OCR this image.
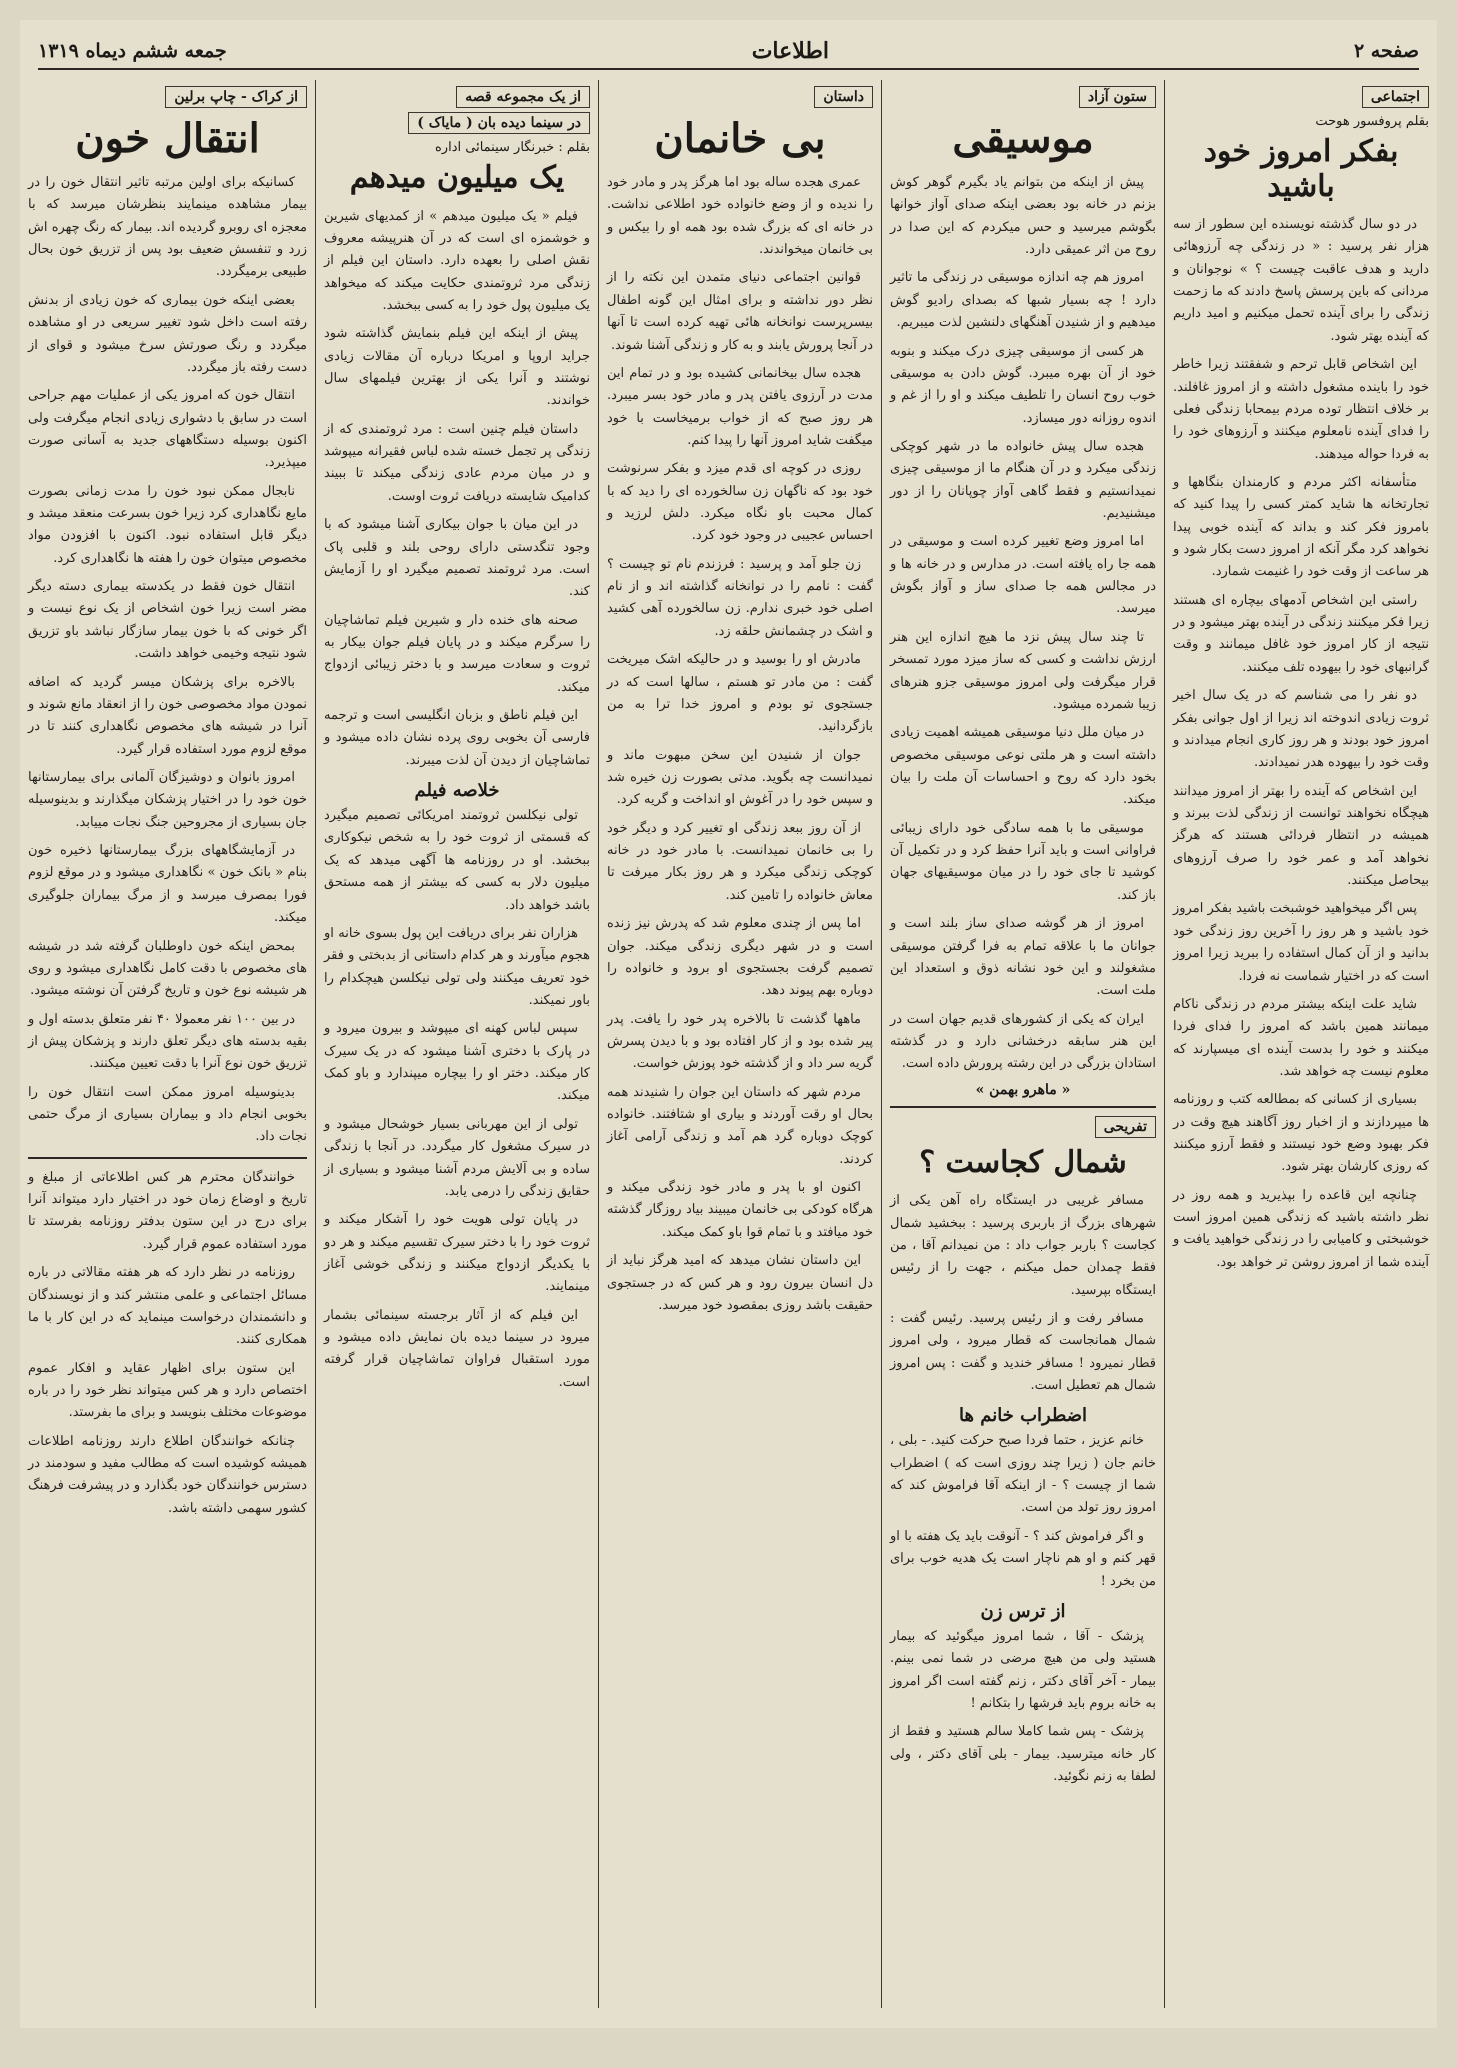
صفحه ۲
اطلاعات
جمعه ششم دیماه ۱۳۱۹
اجتماعی
بقلم پروفسور هوحت
بفکر امروز خود باشید

در دو سال گذشته نویسنده این سطور از سه هزار نفر پرسید : « در زندگی چه آرزوهائی دارید و هدف عاقبت چیست ؟ » نوجوانان و مردانی که باین پرسش پاسخ دادند که ما زحمت زندگی را برای آینده تحمل میکنیم و امید داریم که آینده بهتر شود.

این اشخاص قابل ترحم و شفقتند زیرا خاطر خود را باینده مشغول داشته و از امروز غافلند. بر خلاف انتظار توده مردم بیمحابا زندگی فعلی را فدای آینده نامعلوم میکنند و آرزوهای خود را به فردا حواله میدهند.

متأسفانه اکثر مردم و کارمندان بنگاهها و تجارتخانه ها شاید کمتر کسی را پیدا کنید که بامروز فکر کند و بداند که آینده خوبی پیدا نخواهد کرد مگر آنکه از امروز دست بکار شود و هر ساعت از وقت خود را غنیمت شمارد.

راستی این اشخاص آدمهای بیچاره ای هستند زیرا فکر میکنند زندگی در آینده بهتر میشود و در نتیجه از کار امروز خود غافل میمانند و وقت گرانبهای خود را بیهوده تلف میکنند.

دو نفر را می شناسم که در یک سال اخیر ثروت زیادی اندوخته اند زیرا از اول جوانی بفکر امروز خود بودند و هر روز کاری انجام میدادند و وقت خود را بیهوده هدر نمیدادند.

این اشخاص که آینده را بهتر از امروز میدانند هیچگاه نخواهند توانست از زندگی لذت ببرند و همیشه در انتظار فردائی هستند که هرگز نخواهد آمد و عمر خود را صرف آرزوهای بیحاصل میکنند.

پس اگر میخواهید خوشبخت باشید بفکر امروز خود باشید و هر روز را آخرین روز زندگی خود بدانید و از آن کمال استفاده را ببرید زیرا امروز است که در اختیار شماست نه فردا.

شاید علت اینکه بیشتر مردم در زندگی ناکام میمانند همین باشد که امروز را فدای فردا میکنند و خود را بدست آینده ای میسپارند که معلوم نیست چه خواهد شد.

بسیاری از کسانی که بمطالعه کتب و روزنامه ها میپردازند و از اخبار روز آگاهند هیچ وقت در فکر بهبود وضع خود نیستند و فقط آرزو میکنند که روزی کارشان بهتر شود.

چنانچه این قاعده را بپذیرید و همه روز در نظر داشته باشید که زندگی همین امروز است خوشبختی و کامیابی را در زندگی خواهید یافت و آینده شما از امروز روشن تر خواهد بود.

ستون آزاد
موسیقی

پیش از اینکه من بتوانم یاد بگیرم گوهر کوش بزنم در خانه بود بعضی اینکه صدای آواز خوانها بگوشم میرسید و حس میکردم که این صدا در روح من اثر عمیقی دارد.

امروز هم چه اندازه موسیقی در زندگی ما تاثیر دارد ! چه بسیار شبها که بصدای رادیو گوش میدهیم و از شنیدن آهنگهای دلنشین لذت میبریم.

هر کسی از موسیقی چیزی درک میکند و بنوبه خود از آن بهره میبرد. گوش دادن به موسیقی خوب روح انسان را تلطیف میکند و او را از غم و اندوه روزانه دور میسازد.

هجده سال پیش خانواده ما در شهر کوچکی زندگی میکرد و در آن هنگام ما از موسیقی چیزی نمیدانستیم و فقط گاهی آواز چوپانان را از دور میشنیدیم.

اما امروز وضع تغییر کرده است و موسیقی در همه جا راه یافته است. در مدارس و در خانه ها و در مجالس همه جا صدای ساز و آواز بگوش میرسد.

تا چند سال پیش نزد ما هیچ اندازه این هنر ارزش نداشت و کسی که ساز میزد مورد تمسخر قرار میگرفت ولی امروز موسیقی جزو هنرهای زیبا شمرده میشود.

در میان ملل دنیا موسیقی همیشه اهمیت زیادی داشته است و هر ملتی نوعی موسیقی مخصوص بخود دارد که روح و احساسات آن ملت را بیان میکند.

موسیقی ما با همه سادگی خود دارای زیبائی فراوانی است و باید آنرا حفظ کرد و در تکمیل آن کوشید تا جای خود را در میان موسیقیهای جهان باز کند.

امروز از هر گوشه صدای ساز بلند است و جوانان ما با علاقه تمام به فرا گرفتن موسیقی مشغولند و این خود نشانه ذوق و استعداد این ملت است.

ایران که یکی از کشورهای قدیم جهان است در این هنر سابقه درخشانی دارد و در گذشته استادان بزرگی در این رشته پرورش داده است.

« ماهرو بهمن »
تفریحی
شمال کجاست ؟

مسافر غریبی در ایستگاه راه آهن یکی از شهرهای بزرگ از باربری پرسید : ببخشید شمال کجاست ؟ باربر جواب داد : من نمیدانم آقا ، من فقط چمدان حمل میکنم ، جهت را از رئیس ایستگاه بپرسید.

مسافر رفت و از رئیس پرسید. رئیس گفت : شمال همانجاست که قطار میرود ، ولی امروز قطار نمیرود ! مسافر خندید و گفت : پس امروز شمال هم تعطیل است.

اضطراب خانم ها

خانم عزیز ، حتما فردا صبح حرکت کنید. - بلی ، خانم جان ( زیرا چند روزی است که ) اضطراب شما از چیست ؟ - از اینکه آقا فراموش کند که امروز روز تولد من است.

و اگر فراموش کند ؟ - آنوقت باید یک هفته با او قهر کنم و او هم ناچار است یک هدیه خوب برای من بخرد !

از ترس زن

پزشک - آقا ، شما امروز میگوئید که بیمار هستید ولی من هیچ مرضی در شما نمی بینم. بیمار - آخر آقای دکتر ، زنم گفته است اگر امروز به خانه بروم باید فرشها را بتکانم !

پزشک - پس شما کاملا سالم هستید و فقط از کار خانه میترسید. بیمار - بلی آقای دکتر ، ولی لطفا به زنم نگوئید.

داستان
بی خانمان

عمری هجده ساله بود اما هرگز پدر و مادر خود را ندیده و از وضع خانواده خود اطلاعی نداشت. در خانه ای که بزرگ شده بود همه او را بیکس و بی خانمان میخواندند.

قوانین اجتماعی دنیای متمدن این نکته را از نظر دور نداشته و برای امثال این گونه اطفال بیسرپرست نوانخانه هائی تهیه کرده است تا آنها در آنجا پرورش یابند و به کار و زندگی آشنا شوند.

هجده سال بیخانمانی کشیده بود و در تمام این مدت در آرزوی یافتن پدر و مادر خود بسر میبرد. هر روز صبح که از خواب برمیخاست با خود میگفت شاید امروز آنها را پیدا کنم.

روزی در کوچه ای قدم میزد و بفکر سرنوشت خود بود که ناگهان زن سالخورده ای را دید که با کمال محبت باو نگاه میکرد. دلش لرزید و احساس عجیبی در وجود خود کرد.

زن جلو آمد و پرسید : فرزندم نام تو چیست ؟ گفت : نامم را در نوانخانه گذاشته اند و از نام اصلی خود خبری ندارم. زن سالخورده آهی کشید و اشک در چشمانش حلقه زد.

مادرش او را بوسید و در حالیکه اشک میریخت گفت : من مادر تو هستم ، سالها است که در جستجوی تو بودم و امروز خدا ترا به من بازگردانید.

جوان از شنیدن این سخن مبهوت ماند و نمیدانست چه بگوید. مدتی بصورت زن خیره شد و سپس خود را در آغوش او انداخت و گریه کرد.

از آن روز ببعد زندگی او تغییر کرد و دیگر خود را بی خانمان نمیدانست. با مادر خود در خانه کوچکی زندگی میکرد و هر روز بکار میرفت تا معاش خانواده را تامین کند.

اما پس از چندی معلوم شد که پدرش نیز زنده است و در شهر دیگری زندگی میکند. جوان تصمیم گرفت بجستجوی او برود و خانواده را دوباره بهم پیوند دهد.

ماهها گذشت تا بالاخره پدر خود را یافت. پدر پیر شده بود و از کار افتاده بود و با دیدن پسرش گریه سر داد و از گذشته خود پوزش خواست.

مردم شهر که داستان این جوان را شنیدند همه بحال او رقت آوردند و بیاری او شتافتند. خانواده کوچک دوباره گرد هم آمد و زندگی آرامی آغاز کردند.

اکنون او با پدر و مادر خود زندگی میکند و هرگاه کودکی بی خانمان میبیند بیاد روزگار گذشته خود میافتد و با تمام قوا باو کمک میکند.

این داستان نشان میدهد که امید هرگز نباید از دل انسان بیرون رود و هر کس که در جستجوی حقیقت باشد روزی بمقصود خود میرسد.

از یک مجموعه قصه در سینما دیده بان ( مایاک )
بقلم : خبرنگار سینمائی اداره
یک میلیون میدهم

فیلم « یک میلیون میدهم » از کمدیهای شیرین و خوشمزه ای است که در آن هنرپیشه معروف نقش اصلی را بعهده دارد. داستان این فیلم از زندگی مرد ثروتمندی حکایت میکند که میخواهد یک میلیون پول خود را به کسی ببخشد.

پیش از اینکه این فیلم بنمایش گذاشته شود جراید اروپا و امریکا درباره آن مقالات زیادی نوشتند و آنرا یکی از بهترین فیلمهای سال خواندند.

داستان فیلم چنین است : مرد ثروتمندی که از زندگی پر تجمل خسته شده لباس فقیرانه میپوشد و در میان مردم عادی زندگی میکند تا ببیند کدامیک شایسته دریافت ثروت اوست.

در این میان با جوان بیکاری آشنا میشود که با وجود تنگدستی دارای روحی بلند و قلبی پاک است. مرد ثروتمند تصمیم میگیرد او را آزمایش کند.

صحنه های خنده دار و شیرین فیلم تماشاچیان را سرگرم میکند و در پایان فیلم جوان بیکار به ثروت و سعادت میرسد و با دختر زیبائی ازدواج میکند.

این فیلم ناطق و بزبان انگلیسی است و ترجمه فارسی آن بخوبی روی پرده نشان داده میشود و تماشاچیان از دیدن آن لذت میبرند.

خلاصه فیلم

تولی نیکلسن ثروتمند امریکائی تصمیم میگیرد که قسمتی از ثروت خود را به شخص نیکوکاری ببخشد. او در روزنامه ها آگهی میدهد که یک میلیون دلار به کسی که بیشتر از همه مستحق باشد خواهد داد.

هزاران نفر برای دریافت این پول بسوی خانه او هجوم میآورند و هر کدام داستانی از بدبختی و فقر خود تعریف میکنند ولی تولی نیکلسن هیچکدام را باور نمیکند.

سپس لباس کهنه ای میپوشد و بیرون میرود و در پارک با دختری آشنا میشود که در یک سیرک کار میکند. دختر او را بیچاره میپندارد و باو کمک میکند.

تولی از این مهربانی بسیار خوشحال میشود و در سیرک مشغول کار میگردد. در آنجا با زندگی ساده و بی آلایش مردم آشنا میشود و بسیاری از حقایق زندگی را درمی یابد.

در پایان تولی هویت خود را آشکار میکند و ثروت خود را با دختر سیرک تقسیم میکند و هر دو با یکدیگر ازدواج میکنند و زندگی خوشی آغاز مینمایند.

این فیلم که از آثار برجسته سینمائی بشمار میرود در سینما دیده بان نمایش داده میشود و مورد استقبال فراوان تماشاچیان قرار گرفته است.

از کراک - چاپ برلین
انتقال خون

کسانیکه برای اولین مرتبه تاثیر انتقال خون را در بیمار مشاهده مینمایند بنظرشان میرسد که با معجزه ای روبرو گردیده اند. بیمار که رنگ چهره اش زرد و تنفسش ضعیف بود پس از تزریق خون بحال طبیعی برمیگردد.

بعضی اینکه خون بیماری که خون زیادی از بدنش رفته است داخل شود تغییر سریعی در او مشاهده میگردد و رنگ صورتش سرخ میشود و قوای از دست رفته باز میگردد.

انتقال خون که امروز یکی از عملیات مهم جراحی است در سابق با دشواری زیادی انجام میگرفت ولی اکنون بوسیله دستگاههای جدید به آسانی صورت میپذیرد.

نابجال ممکن نبود خون را مدت زمانی بصورت مایع نگاهداری کرد زیرا خون بسرعت منعقد میشد و دیگر قابل استفاده نبود. اکنون با افزودن مواد مخصوص میتوان خون را هفته ها نگاهداری کرد.

انتقال خون فقط در یکدسته بیماری دسته دیگر مضر است زیرا خون اشخاص از یک نوع نیست و اگر خونی که با خون بیمار سازگار نباشد باو تزریق شود نتیجه وخیمی خواهد داشت.

بالاخره برای پزشکان میسر گردید که اضافه نمودن مواد مخصوصی خون را از انعقاد مانع شوند و آنرا در شیشه های مخصوص نگاهداری کنند تا در موقع لزوم مورد استفاده قرار گیرد.

امروز بانوان و دوشیزگان آلمانی برای بیمارستانها خون خود را در اختیار پزشکان میگذارند و بدینوسیله جان بسیاری از مجروحین جنگ نجات مییابد.

در آزمایشگاههای بزرگ بیمارستانها ذخیره خون بنام « بانک خون » نگاهداری میشود و در موقع لزوم فورا بمصرف میرسد و از مرگ بیماران جلوگیری میکند.

بمحض اینکه خون داوطلبان گرفته شد در شیشه های مخصوص با دقت کامل نگاهداری میشود و روی هر شیشه نوع خون و تاریخ گرفتن آن نوشته میشود.

در بین ۱۰۰ نفر معمولا ۴۰ نفر متعلق بدسته اول و بقیه بدسته های دیگر تعلق دارند و پزشکان پیش از تزریق خون نوع آنرا با دقت تعیین میکنند.

بدینوسیله امروز ممکن است انتقال خون را بخوبی انجام داد و بیماران بسیاری از مرگ حتمی نجات داد.

خوانندگان محترم هر کس اطلاعاتی از مبلغ و تاریخ و اوضاع زمان خود در اختیار دارد میتواند آنرا برای درج در این ستون بدفتر روزنامه بفرستد تا مورد استفاده عموم قرار گیرد.

روزنامه در نظر دارد که هر هفته مقالاتی در باره مسائل اجتماعی و علمی منتشر کند و از نویسندگان و دانشمندان درخواست مینماید که در این کار با ما همکاری کنند.

این ستون برای اظهار عقاید و افکار عموم اختصاص دارد و هر کس میتواند نظر خود را در باره موضوعات مختلف بنویسد و برای ما بفرستد.

چنانکه خوانندگان اطلاع دارند روزنامه اطلاعات همیشه کوشیده است که مطالب مفید و سودمند در دسترس خوانندگان خود بگذارد و در پیشرفت فرهنگ کشور سهمی داشته باشد.
